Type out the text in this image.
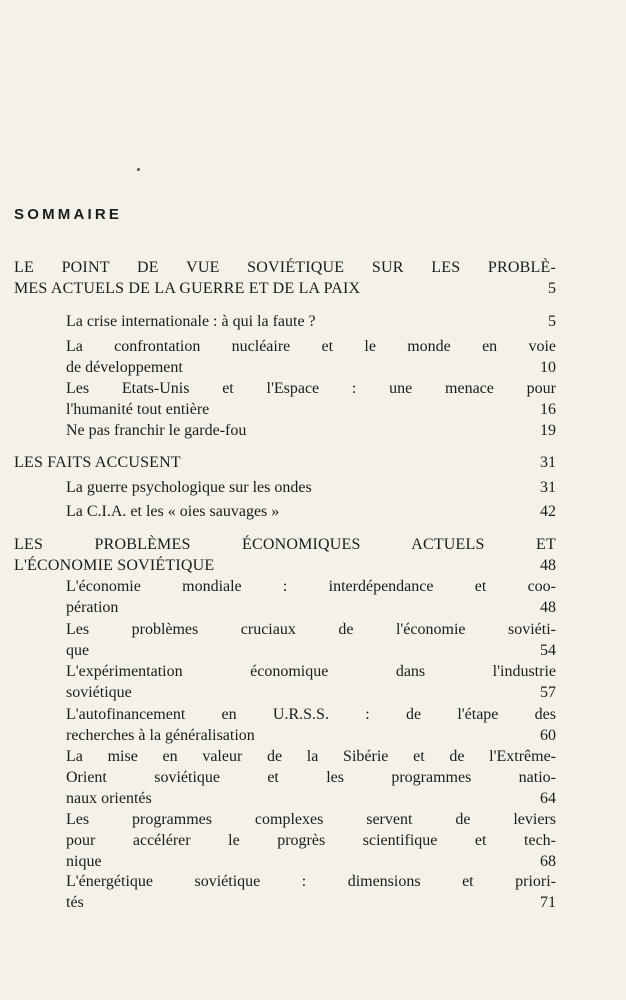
SOMMAIRE
LE POINT DE VUE SOVIÉTIQUE SUR LES PROBLÈ-
MES ACTUELS DE LA GUERRE ET DE LA PAIX	5
La crise internationale : à qui la faute ?	5
La confrontation nucléaire et le monde en voie
de développement	10
Les Etats-Unis et l'Espace : une menace pour
l'humanité tout entière	16
Ne pas franchir le garde-fou	19
LES FAITS ACCUSENT	31
La guerre psychologique sur les ondes	31
La C.I.A. et les « oies sauvages »	42
LES PROBLÈMES ÉCONOMIQUES ACTUELS ET
L'ÉCONOMIE SOVIÉTIQUE	48
L'économie mondiale : interdépendance et coo-
pération	48
Les problèmes cruciaux de l'économie soviéti-
que	54
L'expérimentation économique dans l'industrie
soviétique	57
L'autofinancement en U.R.S.S. : de l'étape des
recherches à la généralisation	60
La mise en valeur de la Sibérie et de l'Extrême-
Orient soviétique et les programmes natio-
naux orientés	64
Les programmes complexes servent de leviers
pour accélérer le progrès scientifique et tech-
nique	68
L'énergétique soviétique : dimensions et priori-
tés	71
